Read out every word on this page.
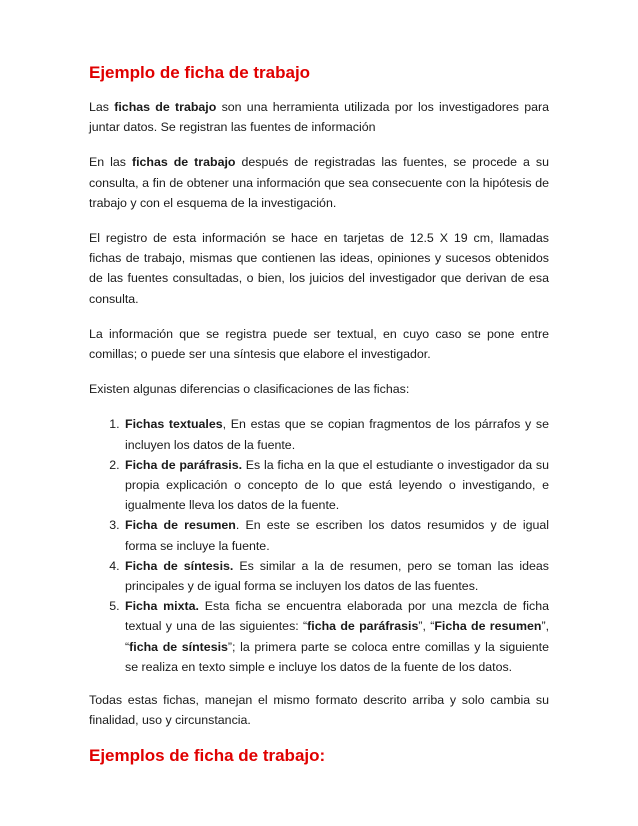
Ejemplo de ficha de trabajo

Las fichas de trabajo son una herramienta utilizada por los investigadores para juntar datos. Se registran las fuentes de información

En las fichas de trabajo después de registradas las fuentes, se procede a su consulta, a fin de obtener una información que sea consecuente con la hipótesis de trabajo y con el esquema de la investigación.

El registro de esta información se hace en tarjetas de 12.5 X 19 cm, llamadas fichas de trabajo, mismas que contienen las ideas, opiniones y sucesos obtenidos de las fuentes consultadas, o bien, los juicios del investigador que derivan de esa consulta.

La información que se registra puede ser textual, en cuyo caso se pone entre comillas; o puede ser una síntesis que elabore el investigador.

Existen algunas diferencias o clasificaciones de las fichas:

1. Fichas textuales, En estas que se copian fragmentos de los párrafos y se incluyen los datos de la fuente.
2. Ficha de paráfrasis. Es la ficha en la que el estudiante o investigador da su propia explicación o concepto de lo que está leyendo o investigando, e igualmente lleva los datos de la fuente.
3. Ficha de resumen. En este se escriben los datos resumidos y de igual forma se incluye la fuente.
4. Ficha de síntesis. Es similar a la de resumen, pero se toman las ideas principales y de igual forma se incluyen los datos de las fuentes.
5. Ficha mixta. Esta ficha se encuentra elaborada por una mezcla de ficha textual y una de las siguientes: “ficha de paráfrasis”, “Ficha de resumen”, “ficha de síntesis”; la primera parte se coloca entre comillas y la siguiente se realiza en texto simple e incluye los datos de la fuente de los datos.

Todas estas fichas, manejan el mismo formato descrito arriba y solo cambia su finalidad, uso y circunstancia.

Ejemplos de ficha de trabajo:
